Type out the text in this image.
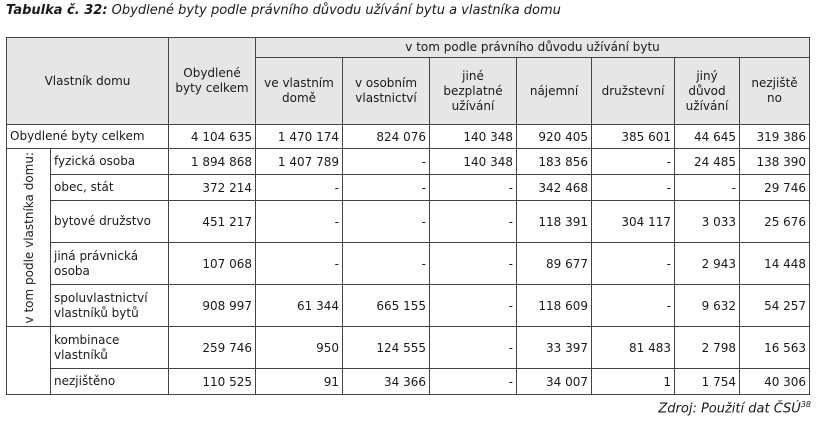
Tabulka č. 32: Obydlené byty podle právního důvodu užívání bytu a vlastníka domu
Vlastník domu		Obydlené byty celkem	v tom podle právního důvodu užívání bytu						
			ve vlastním domě	v osobním vlastnictví	jiné bezplatné užívání	nájemní	družstevní	jiný důvod užívání	nezjiště no
Obydlené byty celkem		4 104 635	1 470 174	824 076	140 348	920 405	385 601	44 645	319 386

v tom podle vlastníka domu:	fyzická osoba	1 894 868	1 407 789	-	140 348	183 856	-	24 485	138 390
	obec, stát	372 214	-	-	-	342 468	-	-	29 746
	bytové družstvo	451 217	-	-	-	118 391	304 117	3 033	25 676
	jiná právnická osoba	107 068	-	-	-	89 677	-	2 943	14 448
	spoluvlastnictví vlastníků bytů	908 997	61 344	665 155	-	118 609	-	9 632	54 257
	kombinace vlastníků	259 746	950	124 555	-	33 397	81 483	2 798	16 563
	nezjištěno	110 525	91	34 366	-	34 007	1	1 754	40 306
Zdroj: Použití dat ČSÚ$^{38}$
